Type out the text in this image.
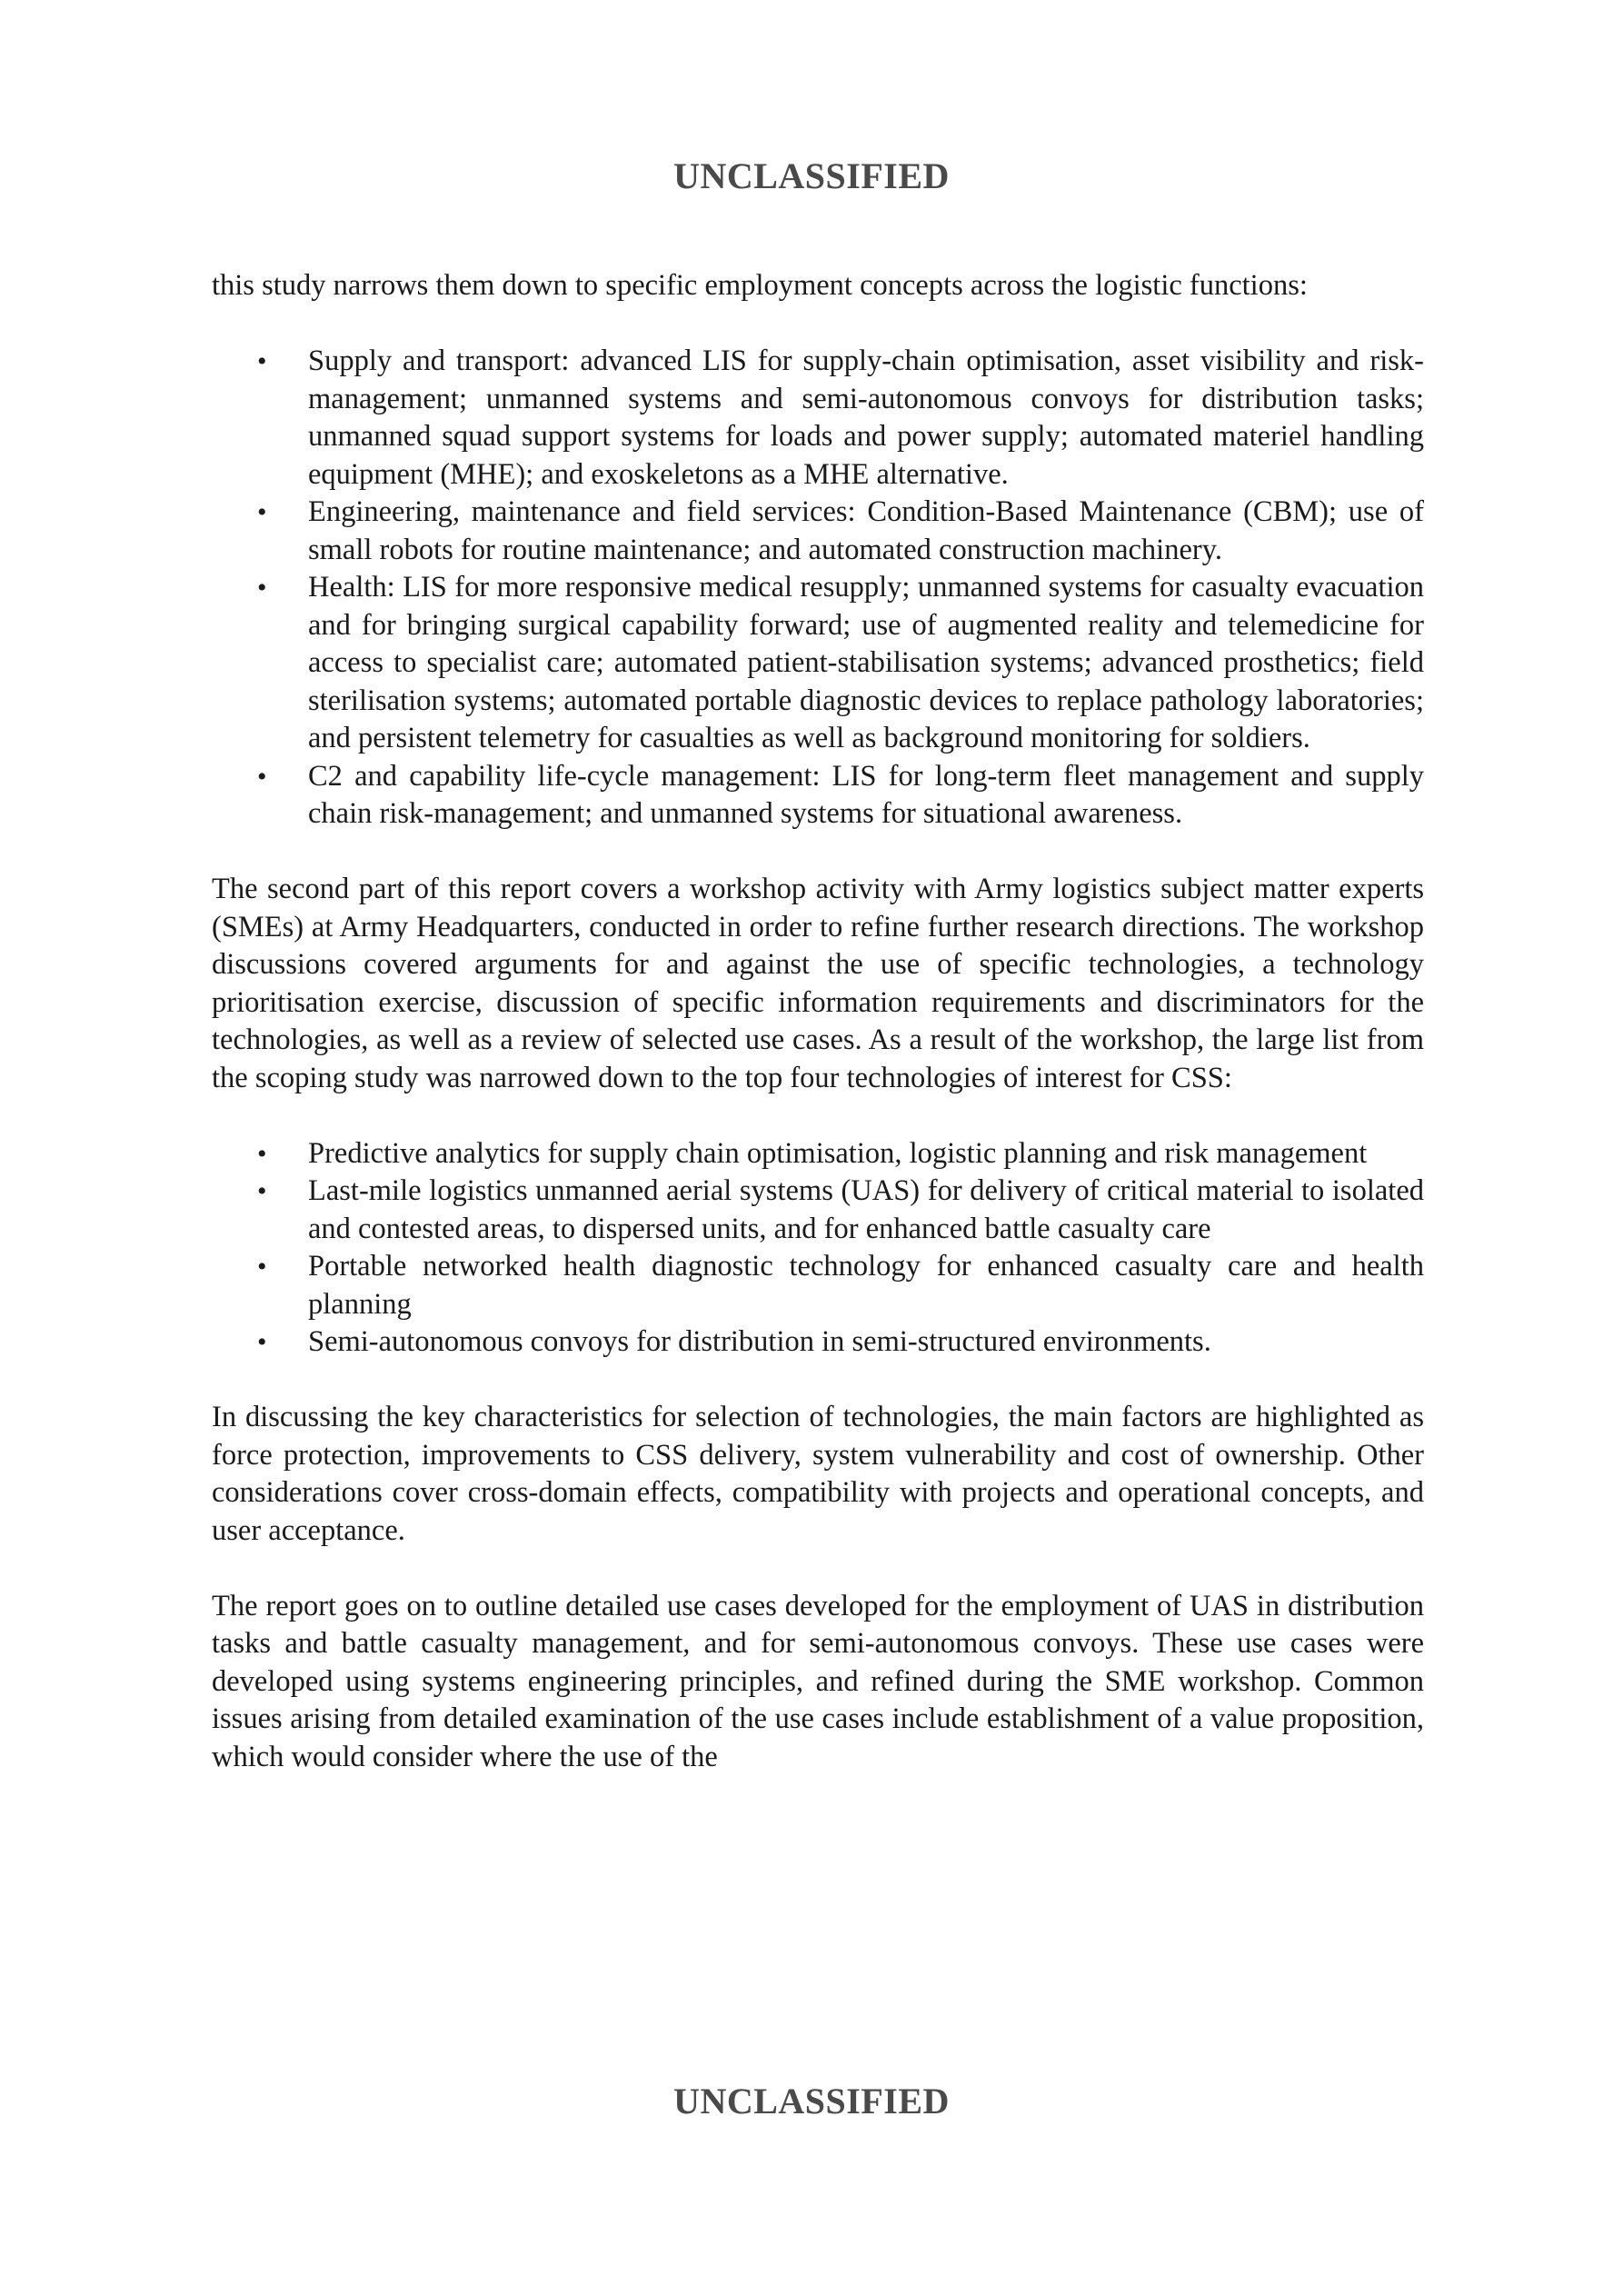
UNCLASSIFIED

this study narrows them down to specific employment concepts across the logistic functions:

• Supply and transport: advanced LIS for supply-chain optimisation, asset visibility and risk-management; unmanned systems and semi-autonomous convoys for distribution tasks; unmanned squad support systems for loads and power supply; automated materiel handling equipment (MHE); and exoskeletons as a MHE alternative.
• Engineering, maintenance and field services: Condition-Based Maintenance (CBM); use of small robots for routine maintenance; and automated construction machinery.
• Health: LIS for more responsive medical resupply; unmanned systems for casualty evacuation and for bringing surgical capability forward; use of augmented reality and telemedicine for access to specialist care; automated patient-stabilisation systems; advanced prosthetics; field sterilisation systems; automated portable diagnostic devices to replace pathology laboratories; and persistent telemetry for casualties as well as background monitoring for soldiers.
• C2 and capability life-cycle management: LIS for long-term fleet management and supply chain risk-management; and unmanned systems for situational awareness.

The second part of this report covers a workshop activity with Army logistics subject matter experts (SMEs) at Army Headquarters, conducted in order to refine further research directions. The workshop discussions covered arguments for and against the use of specific technologies, a technology prioritisation exercise, discussion of specific information requirements and discriminators for the technologies, as well as a review of selected use cases. As a result of the workshop, the large list from the scoping study was narrowed down to the top four technologies of interest for CSS:

• Predictive analytics for supply chain optimisation, logistic planning and risk management
• Last-mile logistics unmanned aerial systems (UAS) for delivery of critical material to isolated and contested areas, to dispersed units, and for enhanced battle casualty care
• Portable networked health diagnostic technology for enhanced casualty care and health planning
• Semi-autonomous convoys for distribution in semi-structured environments.

In discussing the key characteristics for selection of technologies, the main factors are highlighted as force protection, improvements to CSS delivery, system vulnerability and cost of ownership. Other considerations cover cross-domain effects, compatibility with projects and operational concepts, and user acceptance.

The report goes on to outline detailed use cases developed for the employment of UAS in distribution tasks and battle casualty management, and for semi-autonomous convoys. These use cases were developed using systems engineering principles, and refined during the SME workshop. Common issues arising from detailed examination of the use cases include establishment of a value proposition, which would consider where the use of the

UNCLASSIFIED
